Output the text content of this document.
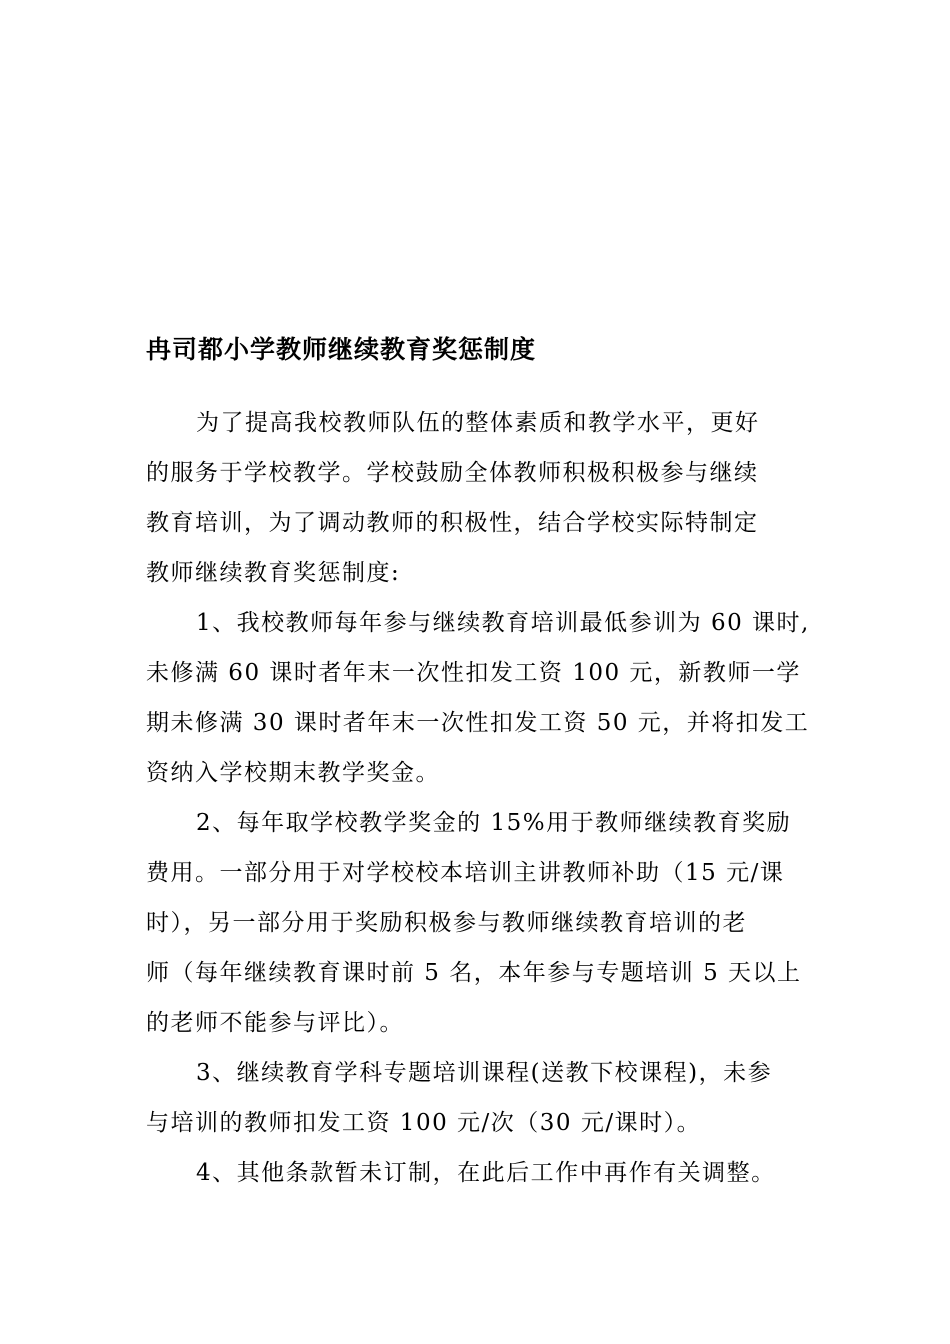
冉司都小学教师继续教育奖惩制度
为了提高我校教师队伍的整体素质和教学水平，更好
的服务于学校教学。学校鼓励全体教师积极积极参与继续
教育培训，为了调动教师的积极性，结合学校实际特制定
教师继续教育奖惩制度:
1、我校教师每年参与继续教育培训最低参训为 60 课时,
未修满 60 课时者年末一次性扣发工资 100 元，新教师一学
期未修满 30 课时者年末一次性扣发工资 50 元，并将扣发工
资纳入学校期末教学奖金。
2、每年取学校教学奖金的 15%用于教师继续教育奖励
费用。一部分用于对学校校本培训主讲教师补助（15 元/课
时），另一部分用于奖励积极参与教师继续教育培训的老
师（每年继续教育课时前 5 名，本年参与专题培训 5 天以上
的老师不能参与评比）。
3、继续教育学科专题培训课程(送教下校课程)，未参
与培训的教师扣发工资 100 元/次（30 元/课时）。
4、其他条款暂未订制，在此后工作中再作有关调整。
